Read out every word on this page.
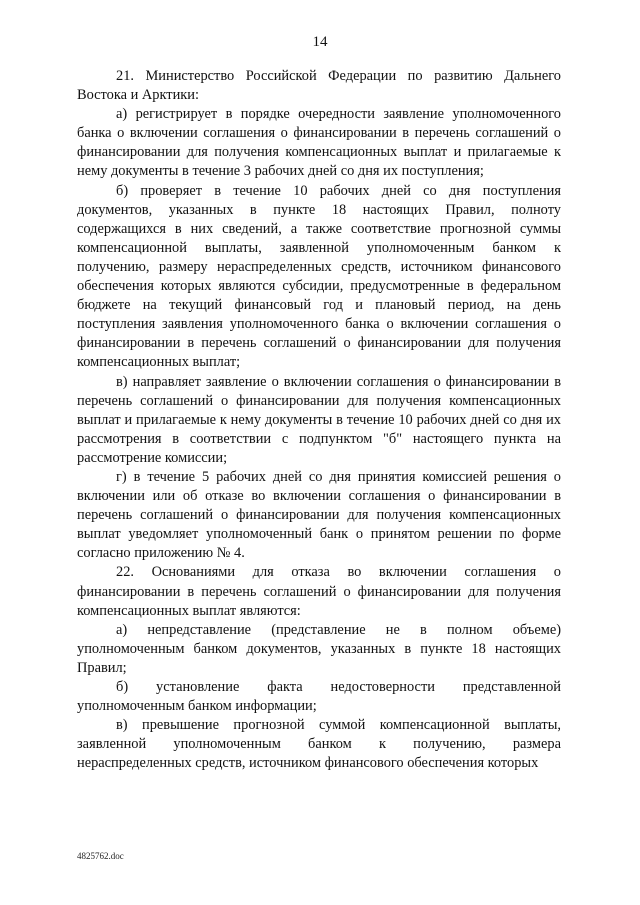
14

21. Министерство Российской Федерации по развитию Дальнего Востока и Арктики:

а) регистрирует в порядке очередности заявление уполномоченного банка о включении соглашения о финансировании в перечень соглашений о финансировании для получения компенсационных выплат и прилагаемые к нему документы в течение 3 рабочих дней со дня их поступления;

б) проверяет в течение 10 рабочих дней со дня поступления документов, указанных в пункте 18 настоящих Правил, полноту содержащихся в них сведений, а также соответствие прогнозной суммы компенсационной выплаты, заявленной уполномоченным банком к получению, размеру нераспределенных средств, источником финансового обеспечения которых являются субсидии, предусмотренные в федеральном бюджете на текущий финансовый год и плановый период, на день поступления заявления уполномоченного банка о включении соглашения о финансировании в перечень соглашений о финансировании для получения компенсационных выплат;

в) направляет заявление о включении соглашения о финансировании в перечень соглашений о финансировании для получения компенсационных выплат и прилагаемые к нему документы в течение 10 рабочих дней со дня их рассмотрения в соответствии с подпунктом "б" настоящего пункта на рассмотрение комиссии;

г) в течение 5 рабочих дней со дня принятия комиссией решения о включении или об отказе во включении соглашения о финансировании в перечень соглашений о финансировании для получения компенсационных выплат уведомляет уполномоченный банк о принятом решении по форме согласно приложению № 4.

22. Основаниями для отказа во включении соглашения о финансировании в перечень соглашений о финансировании для получения компенсационных выплат являются:

а) непредставление (представление не в полном объеме) уполномоченным банком документов, указанных в пункте 18 настоящих Правил;

б) установление факта недостоверности представленной уполномоченным банком информации;

в) превышение прогнозной суммой компенсационной выплаты, заявленной уполномоченным банком к получению, размера нераспределенных средств, источником финансового обеспечения которых

4825762.doc
